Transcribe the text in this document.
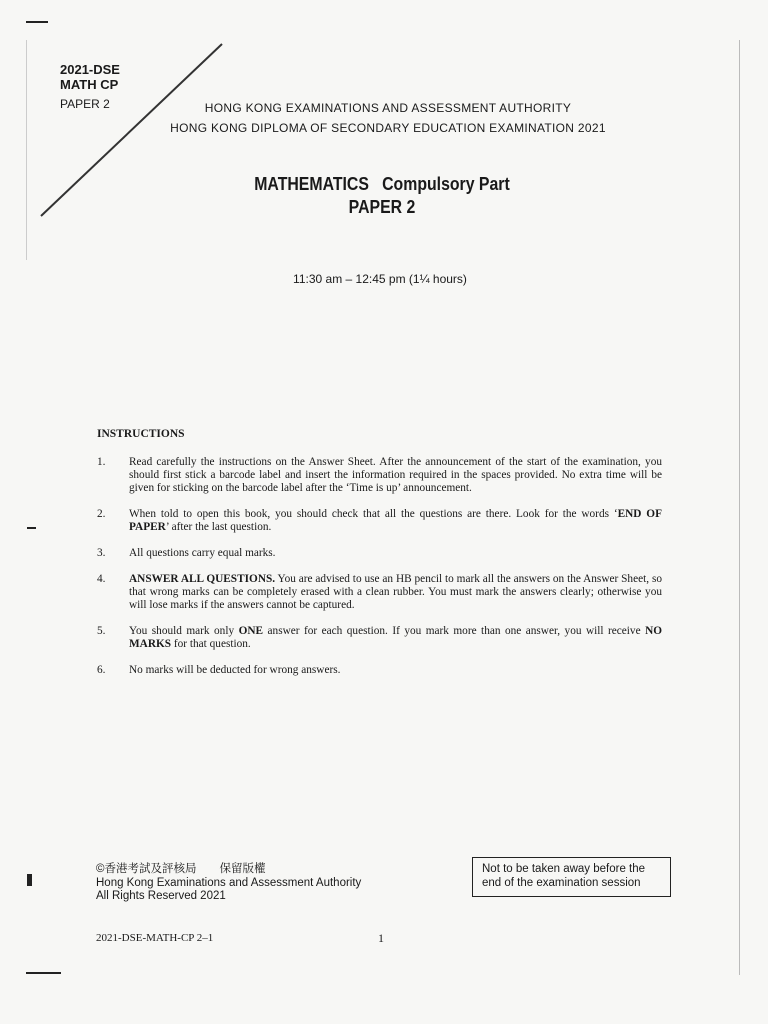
2021-DSE
MATH CP
PAPER 2	HONG KONG EXAMINATIONS AND ASSESSMENT AUTHORITY
HONG KONG DIPLOMA OF SECONDARY EDUCATION EXAMINATION 2021
MATHEMATICS   Compulsory Part
PAPER 2
11:30 am – 12:45 pm (1¼ hours)
INSTRUCTIONS
1.	Read carefully the instructions on the Answer Sheet. After the announcement of the start of the examination, you should first stick a barcode label and insert the information required in the spaces provided. No extra time will be given for sticking on the barcode label after the ‘Time is up’ announcement.
2.	When told to open this book, you should check that all the questions are there. Look for the words ‘END OF PAPER’ after the last question.
3.	All questions carry equal marks.
4.	ANSWER ALL QUESTIONS. You are advised to use an HB pencil to mark all the answers on the Answer Sheet, so that wrong marks can be completely erased with a clean rubber. You must mark the answers clearly; otherwise you will lose marks if the answers cannot be captured.
5.	You should mark only ONE answer for each question. If you mark more than one answer, you will receive NO MARKS for that question.
6.	No marks will be deducted for wrong answers.
©香港考試及評核局　　保留版權
Hong Kong Examinations and Assessment Authority
All Rights Reserved 2021
Not to be taken away before the
end of the examination session
2021-DSE-MATH-CP 2–1	1
